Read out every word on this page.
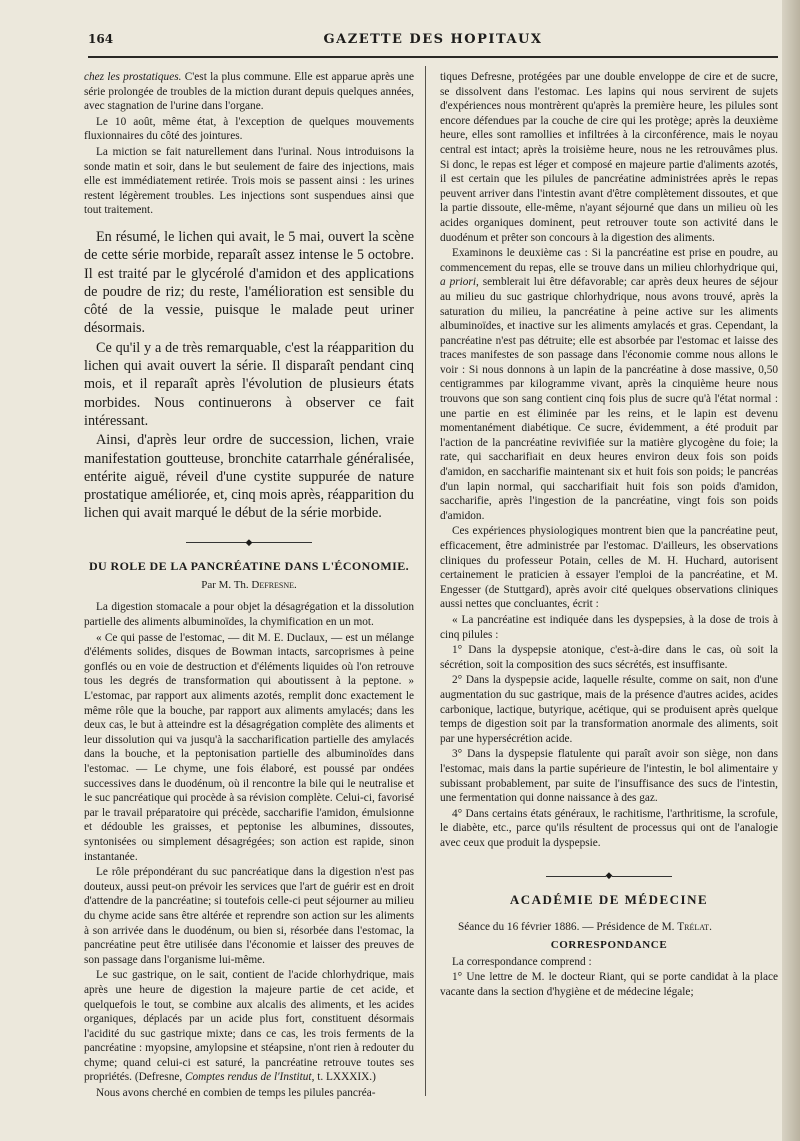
164	GAZETTE DES HOPITAUX

chez les prostatiques. C'est la plus commune. Elle est apparue après une série prolongée de troubles de la miction durant depuis quelques années, avec stagnation de l'urine dans l'organe.

Le 10 août, même état, à l'exception de quelques mouvements fluxionnaires du côté des jointures.

La miction se fait naturellement dans l'urinal. Nous introduisons la sonde matin et soir, dans le but seulement de faire des injections, mais elle est immédiatement retirée. Trois mois se passent ainsi : les urines restent légèrement troubles. Les injections sont suspendues ainsi que tout traitement.

En résumé, le lichen qui avait, le 5 mai, ouvert la scène de cette série morbide, reparaît assez intense le 5 octobre. Il est traité par le glycérolé d'amidon et des applications de poudre de riz; du reste, l'amélioration est sensible du côté de la vessie, puisque le malade peut uriner désormais.

Ce qu'il y a de très remarquable, c'est la réapparition du lichen qui avait ouvert la série. Il disparaît pendant cinq mois, et il reparaît après l'évolution de plusieurs états morbides. Nous continuerons à observer ce fait intéressant.

Ainsi, d'après leur ordre de succession, lichen, vraie manifestation goutteuse, bronchite catarrhale généralisée, entérite aiguë, réveil d'une cystite suppurée de nature prostatique améliorée, et, cinq mois après, réapparition du lichen qui avait marqué le début de la série morbide.

◆

DU ROLE DE LA PANCRÉATINE DANS L'ÉCONOMIE.

Par M. Th. Defresne.

La digestion stomacale a pour objet la désagrégation et la dissolution partielle des aliments albuminoïdes, la chymification en un mot.

« Ce qui passe de l'estomac, — dit M. E. Duclaux, — est un mélange d'éléments solides, disques de Bowman intacts, sarcoprismes à peine gonflés ou en voie de destruction et d'éléments liquides où l'on retrouve tous les degrés de transformation qui aboutissent à la peptone. » L'estomac, par rapport aux aliments azotés, remplit donc exactement le même rôle que la bouche, par rapport aux aliments amylacés; dans les deux cas, le but à atteindre est la désagrégation complète des aliments et leur dissolution qui va jusqu'à la saccharification partielle des amylacés dans la bouche, et la peptonisation partielle des albuminoïdes dans l'estomac. — Le chyme, une fois élaboré, est poussé par ondées successives dans le duodénum, où il rencontre la bile qui le neutralise et le suc pancréatique qui procède à sa révision complète. Celui-ci, favorisé par le travail préparatoire qui précède, saccharifie l'amidon, émulsionne et dédouble les graisses, et peptonise les albumines, dissoutes, syntonisées ou simplement désagrégées; son action est rapide, sinon instantanée.

Le rôle prépondérant du suc pancréatique dans la digestion n'est pas douteux, aussi peut-on prévoir les services que l'art de guérir est en droit d'attendre de la pancréatine; si toutefois celle-ci peut séjourner au milieu du chyme acide sans être altérée et reprendre son action sur les aliments à son arrivée dans le duodénum, ou bien si, résorbée dans l'estomac, la pancréatine peut être utilisée dans l'économie et laisser des preuves de son passage dans l'organisme lui-même.

Le suc gastrique, on le sait, contient de l'acide chlorhydrique, mais après une heure de digestion la majeure partie de cet acide, et quelquefois le tout, se combine aux alcalis des aliments, et les acides organiques, déplacés par un acide plus fort, constituent désormais l'acidité du suc gastrique mixte; dans ce cas, les trois ferments de la pancréatine : myopsine, amylopsine et stéapsine, n'ont rien à redouter du chyme; quand celui-ci est saturé, la pancréatine retrouve toutes ses propriétés. (Defresne, Comptes rendus de l'Institut, t. LXXXIX.)

Nous avons cherché en combien de temps les pilules pancréa-

tiques Defresne, protégées par une double enveloppe de cire et de sucre, se dissolvent dans l'estomac. Les lapins qui nous servirent de sujets d'expériences nous montrèrent qu'après la première heure, les pilules sont encore défendues par la couche de cire qui les protège; après la deuxième heure, elles sont ramollies et infiltrées à la circonférence, mais le noyau central est intact; après la troisième heure, nous ne les retrouvâmes plus. Si donc, le repas est léger et composé en majeure partie d'aliments azotés, il est certain que les pilules de pancréatine administrées après le repas peuvent arriver dans l'intestin avant d'être complètement dissoutes, et que la partie dissoute, elle-même, n'ayant séjourné que dans un milieu où les acides organiques dominent, peut retrouver toute son activité dans le duodénum et prêter son concours à la digestion des aliments.

Examinons le deuxième cas : Si la pancréatine est prise en poudre, au commencement du repas, elle se trouve dans un milieu chlorhydrique qui, a priori, semblerait lui être défavorable; car après deux heures de séjour au milieu du suc gastrique chlorhydrique, nous avons trouvé, après la saturation du milieu, la pancréatine à peine active sur les aliments albuminoïdes, et inactive sur les aliments amylacés et gras. Cependant, la pancréatine n'est pas détruite; elle est absorbée par l'estomac et laisse des traces manifestes de son passage dans l'économie comme nous allons le voir : Si nous donnons à un lapin de la pancréatine à dose massive, 0,50 centigrammes par kilogramme vivant, après la cinquième heure nous trouvons que son sang contient cinq fois plus de sucre qu'à l'état normal : une partie en est éliminée par les reins, et le lapin est devenu momentanément diabétique. Ce sucre, évidemment, a été produit par l'action de la pancréatine revivifiée sur la matière glycogène du foie; la rate, qui saccharifiait en deux heures environ deux fois son poids d'amidon, en saccharifie maintenant six et huit fois son poids; le pancréas d'un lapin normal, qui saccharifiait huit fois son poids d'amidon, saccharifie, après l'ingestion de la pancréatine, vingt fois son poids d'amidon.

Ces expériences physiologiques montrent bien que la pancréatine peut, efficacement, être administrée par l'estomac. D'ailleurs, les observations cliniques du professeur Potain, celles de M. H. Huchard, autorisent certainement le praticien à essayer l'emploi de la pancréatine, et M. Engesser (de Stuttgard), après avoir cité quelques observations cliniques aussi nettes que concluantes, écrit :

« La pancréatine est indiquée dans les dyspepsies, à la dose de trois à cinq pilules :

1° Dans la dyspepsie atonique, c'est-à-dire dans le cas, où soit la sécrétion, soit la composition des sucs sécrétés, est insuffisante.

2° Dans la dyspepsie acide, laquelle résulte, comme on sait, non d'une augmentation du suc gastrique, mais de la présence d'autres acides, acides carbonique, lactique, butyrique, acétique, qui se produisent après quelque temps de digestion soit par la transformation anormale des aliments, soit par une hypersécrétion acide.

3° Dans la dyspepsie flatulente qui paraît avoir son siège, non dans l'estomac, mais dans la partie supérieure de l'intestin, le bol alimentaire y subissant probablement, par suite de l'insuffisance des sucs de l'intestin, une fermentation qui donne naissance à des gaz.

4° Dans certains états généraux, le rachitisme, l'arthritisme, la scrofule, le diabète, etc., parce qu'ils résultent de processus qui ont de l'analogie avec ceux que produit la dyspepsie.

◆

ACADÉMIE DE MÉDECINE

Séance du 16 février 1886. — Présidence de M. Trélat.

CORRESPONDANCE

La correspondance comprend :

1° Une lettre de M. le docteur Riant, qui se porte candidat à la place vacante dans la section d'hygiène et de médecine légale;
